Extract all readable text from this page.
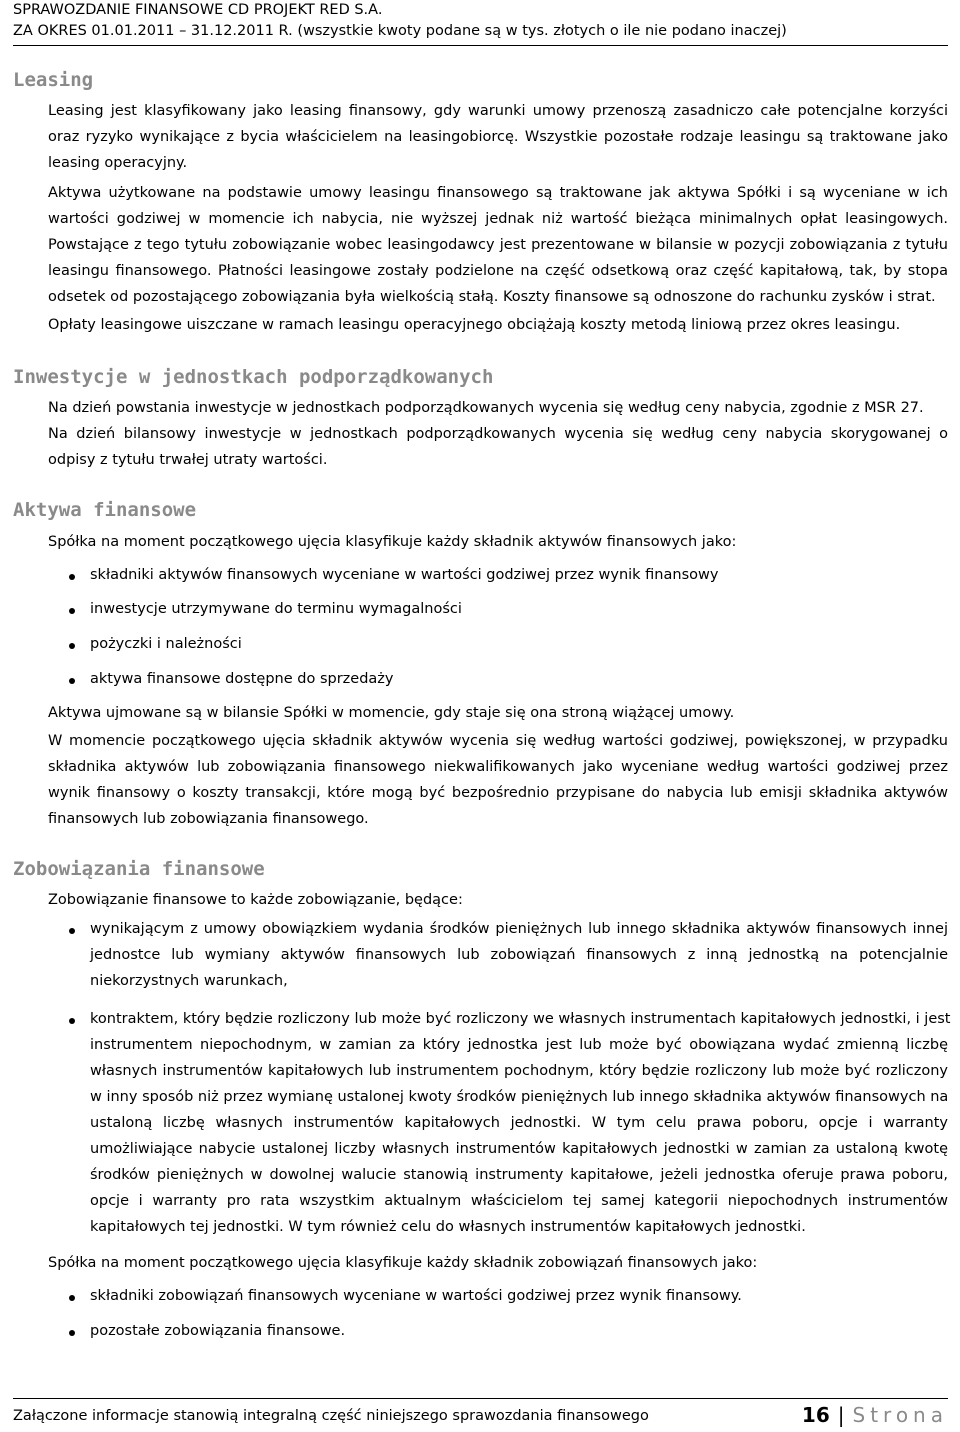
SPRAWOZDANIE FINANSOWE CD PROJEKT RED S.A.
ZA OKRES 01.01.2011 – 31.12.2011 R. (wszystkie kwoty podane są w tys. złotych o ile nie podano inaczej)
Leasing
Leasing jest klasyfikowany jako leasing finansowy, gdy warunki umowy przenoszą zasadniczo całe potencjalne korzyści
oraz ryzyko wynikające z bycia właścicielem na leasingobiorcę. Wszystkie pozostałe rodzaje leasingu są traktowane jako
leasing operacyjny.
Aktywa użytkowane na podstawie umowy leasingu finansowego są traktowane jak aktywa Spółki i są wyceniane w ich
wartości godziwej w momencie ich nabycia, nie wyższej jednak niż wartość bieżąca minimalnych opłat leasingowych.
Powstające z tego tytułu zobowiązanie wobec leasingodawcy jest prezentowane w bilansie w pozycji zobowiązania z tytułu
leasingu finansowego. Płatności leasingowe zostały podzielone na część odsetkową oraz część kapitałową, tak, by stopa
odsetek od pozostającego zobowiązania była wielkością stałą. Koszty finansowe są odnoszone do rachunku zysków i strat.
Opłaty leasingowe uiszczane w ramach leasingu operacyjnego obciążają koszty metodą liniową przez okres leasingu.
Inwestycje w jednostkach podporządkowanych
Na dzień powstania inwestycje w jednostkach podporządkowanych wycenia się według ceny nabycia, zgodnie z MSR 27.
Na dzień bilansowy inwestycje w jednostkach podporządkowanych wycenia się według ceny nabycia skorygowanej o
odpisy z tytułu trwałej utraty wartości.
Aktywa finansowe
Spółka na moment początkowego ujęcia klasyfikuje każdy składnik aktywów finansowych jako:
składniki aktywów finansowych wyceniane w wartości godziwej przez wynik finansowy
inwestycje utrzymywane do terminu wymagalności
pożyczki i należności
aktywa finansowe dostępne do sprzedaży
Aktywa ujmowane są w bilansie Spółki w momencie, gdy staje się ona stroną wiążącej umowy.
W momencie początkowego ujęcia składnik aktywów wycenia się według wartości godziwej, powiększonej, w przypadku
składnika aktywów lub zobowiązania finansowego niekwalifikowanych jako wyceniane według wartości godziwej przez
wynik finansowy o koszty transakcji, które mogą być bezpośrednio przypisane do nabycia lub emisji składnika aktywów
finansowych lub zobowiązania finansowego.
Zobowiązania finansowe
Zobowiązanie finansowe to każde zobowiązanie, będące:
wynikającym z umowy obowiązkiem wydania środków pieniężnych lub innego składnika aktywów finansowych innej
jednostce lub wymiany aktywów finansowych lub zobowiązań finansowych z inną jednostką na potencjalnie
niekorzystnych warunkach,
kontraktem, który będzie rozliczony lub może być rozliczony we własnych instrumentach kapitałowych jednostki, i jest
instrumentem niepochodnym, w zamian za który jednostka jest lub może być obowiązana wydać zmienną liczbę
własnych instrumentów kapitałowych lub instrumentem pochodnym, który będzie rozliczony lub może być rozliczony
w inny sposób niż przez wymianę ustalonej kwoty środków pieniężnych lub innego składnika aktywów finansowych na
ustaloną liczbę własnych instrumentów kapitałowych jednostki. W tym celu prawa poboru, opcje i warranty
umożliwiające nabycie ustalonej liczby własnych instrumentów kapitałowych jednostki w zamian za ustaloną kwotę
środków pieniężnych w dowolnej walucie stanowią instrumenty kapitałowe, jeżeli jednostka oferuje prawa poboru,
opcje i warranty pro rata wszystkim aktualnym właścicielom tej samej kategorii niepochodnych instrumentów
kapitałowych tej jednostki. W tym również celu do własnych instrumentów kapitałowych jednostki.
Spółka na moment początkowego ujęcia klasyfikuje każdy składnik zobowiązań finansowych jako:
składniki zobowiązań finansowych wyceniane w wartości godziwej przez wynik finansowy.
pozostałe zobowiązania finansowe.
Załączone informacje stanowią integralną część niniejszego sprawozdania finansowego	16 | Strona
